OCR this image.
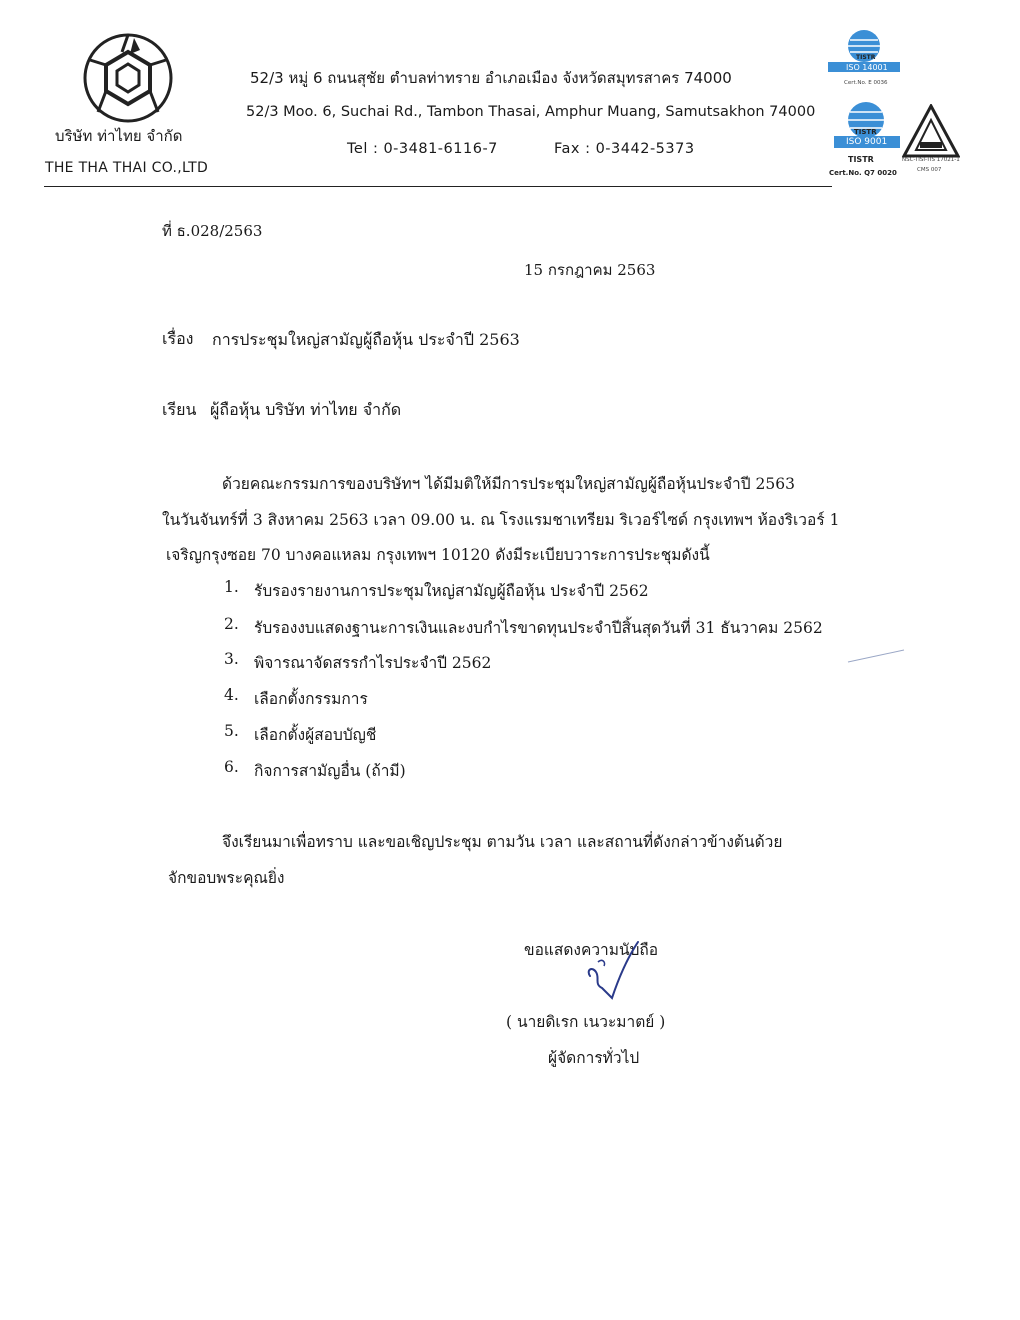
บริษัท ท่าไทย จำกัด
THE THA THAI CO.,LTD
52/3 หมู่ 6 ถนนสุชัย ตำบลท่าทราย อำเภอเมือง จังหวัดสมุทรสาคร 74000
52/3 Moo. 6, Suchai Rd., Tambon Thasai, Amphur Muang, Samutsakhon 74000
Tel : 0-3481-6116-7	Fax : 0-3442-5373
TISTR
ISO 14001
Cert.No. E 0036
TISTR
ISO 9001
TISTR
Cert.No. Q7 0020
NSC-TISI-TIS 17021-1
CMS 007
ที่ ธ.028/2563
15 กรกฎาคม 2563
เรื่อง การประชุมใหญ่สามัญผู้ถือหุ้น ประจำปี 2563
เรียน ผู้ถือหุ้น บริษัท ท่าไทย จำกัด
ด้วยคณะกรรมการของบริษัทฯ ได้มีมติให้มีการประชุมใหญ่สามัญผู้ถือหุ้นประจำปี 2563
ในวันจันทร์ที่ 3 สิงหาคม 2563 เวลา 09.00 น. ณ โรงแรมชาเทรียม ริเวอร์ไซด์ กรุงเทพฯ ห้องริเวอร์ 1
เจริญกรุงซอย 70 บางคอแหลม กรุงเทพฯ 10120 ดังมีระเบียบวาระการประชุมดังนี้
1. รับรองรายงานการประชุมใหญ่สามัญผู้ถือหุ้น ประจำปี 2562
2. รับรองงบแสดงฐานะการเงินและงบกำไรขาดทุนประจำปีสิ้นสุดวันที่ 31 ธันวาคม 2562
3. พิจารณาจัดสรรกำไรประจำปี 2562
4. เลือกตั้งกรรมการ
5. เลือกตั้งผู้สอบบัญชี
6. กิจการสามัญอื่น (ถ้ามี)
จึงเรียนมาเพื่อทราบ และขอเชิญประชุม ตามวัน เวลา และสถานที่ดังกล่าวข้างต้นด้วย
จักขอบพระคุณยิ่ง
ขอแสดงความนับถือ
( นายดิเรก เนวะมาตย์ )
ผู้จัดการทั่วไป
